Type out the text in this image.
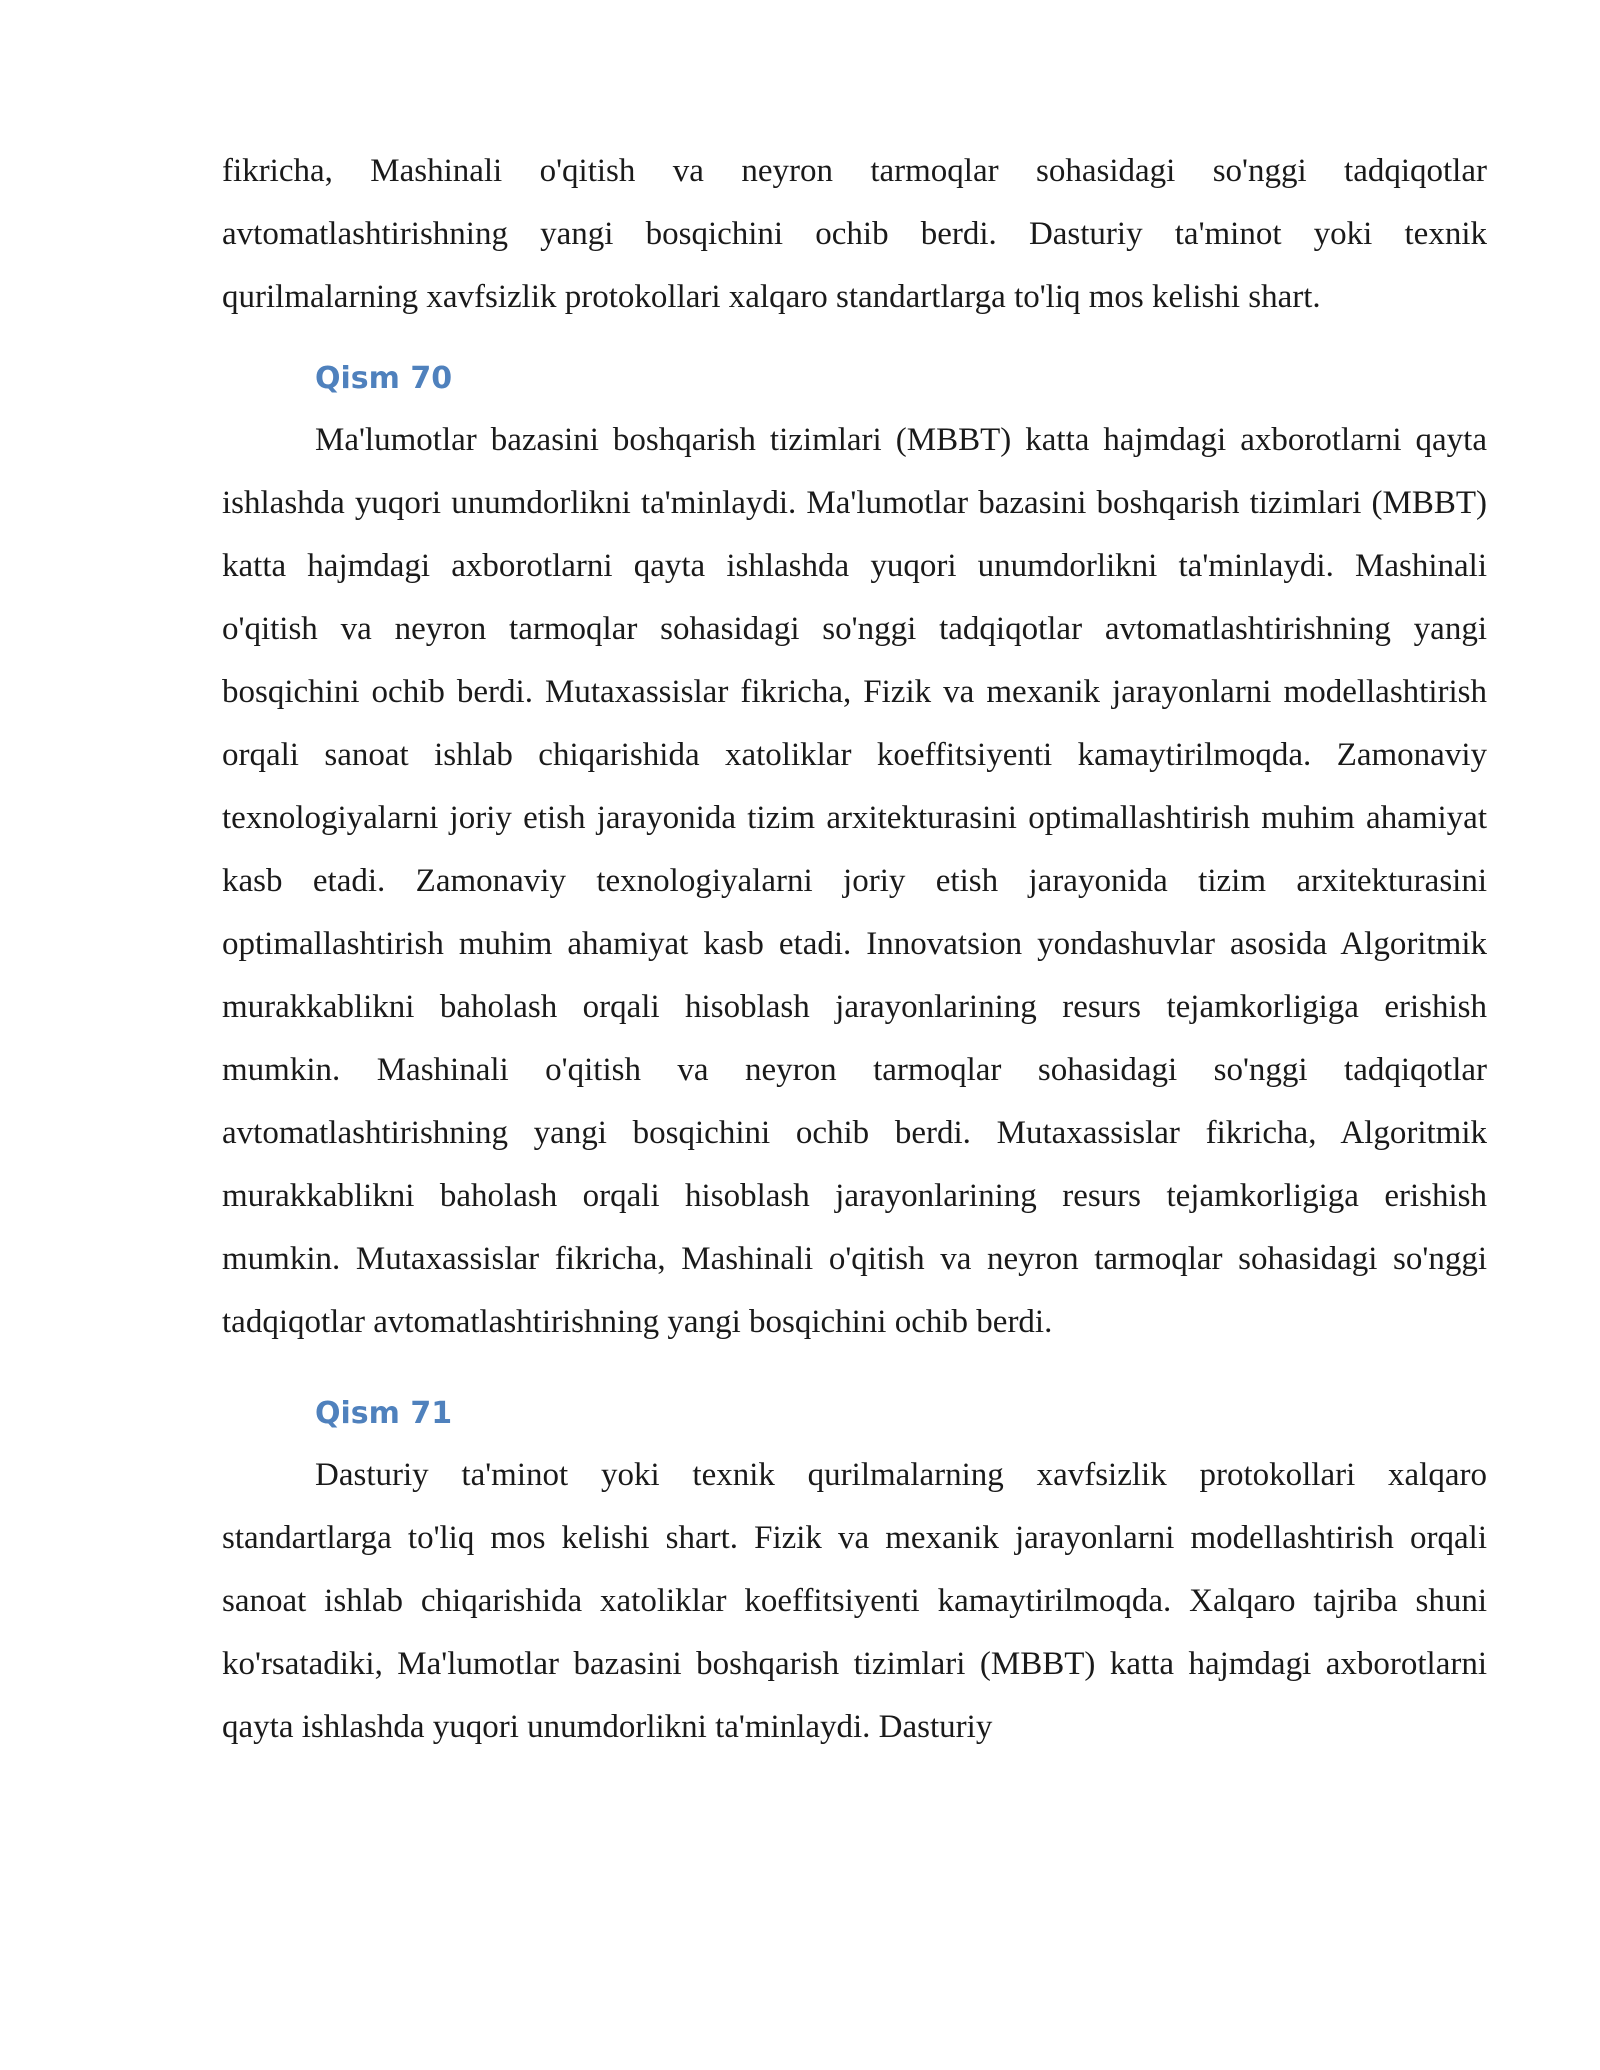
fikricha, Mashinali o'qitish va neyron tarmoqlar sohasidagi so'nggi tadqiqotlar avtomatlashtirishning yangi bosqichini ochib berdi. Dasturiy ta'minot yoki texnik qurilmalarning xavfsizlik protokollari xalqaro standartlarga to'liq mos kelishi shart.

Qism 70

Ma'lumotlar bazasini boshqarish tizimlari (MBBT) katta hajmdagi axborotlarni qayta ishlashda yuqori unumdorlikni ta'minlaydi. Ma'lumotlar bazasini boshqarish tizimlari (MBBT) katta hajmdagi axborotlarni qayta ishlashda yuqori unumdorlikni ta'minlaydi. Mashinali o'qitish va neyron tarmoqlar sohasidagi so'nggi tadqiqotlar avtomatlashtirishning yangi bosqichini ochib berdi. Mutaxassislar fikricha, Fizik va mexanik jarayonlarni modellashtirish orqali sanoat ishlab chiqarishida xatoliklar koeffitsiyenti kamaytirilmoqda. Zamonaviy texnologiyalarni joriy etish jarayonida tizim arxitekturasini optimallashtirish muhim ahamiyat kasb etadi. Zamonaviy texnologiyalarni joriy etish jarayonida tizim arxitekturasini optimallashtirish muhim ahamiyat kasb etadi. Innovatsion yondashuvlar asosida Algoritmik murakkablikni baholash orqali hisoblash jarayonlarining resurs tejamkorligiga erishish mumkin. Mashinali o'qitish va neyron tarmoqlar sohasidagi so'nggi tadqiqotlar avtomatlashtirishning yangi bosqichini ochib berdi. Mutaxassislar fikricha, Algoritmik murakkablikni baholash orqali hisoblash jarayonlarining resurs tejamkorligiga erishish mumkin. Mutaxassislar fikricha, Mashinali o'qitish va neyron tarmoqlar sohasidagi so'nggi tadqiqotlar avtomatlashtirishning yangi bosqichini ochib berdi.

Qism 71

Dasturiy ta'minot yoki texnik qurilmalarning xavfsizlik protokollari xalqaro standartlarga to'liq mos kelishi shart. Fizik va mexanik jarayonlarni modellashtirish orqali sanoat ishlab chiqarishida xatoliklar koeffitsiyenti kamaytirilmoqda. Xalqaro tajriba shuni ko'rsatadiki, Ma'lumotlar bazasini boshqarish tizimlari (MBBT) katta hajmdagi axborotlarni qayta ishlashda yuqori unumdorlikni ta'minlaydi. Dasturiy
